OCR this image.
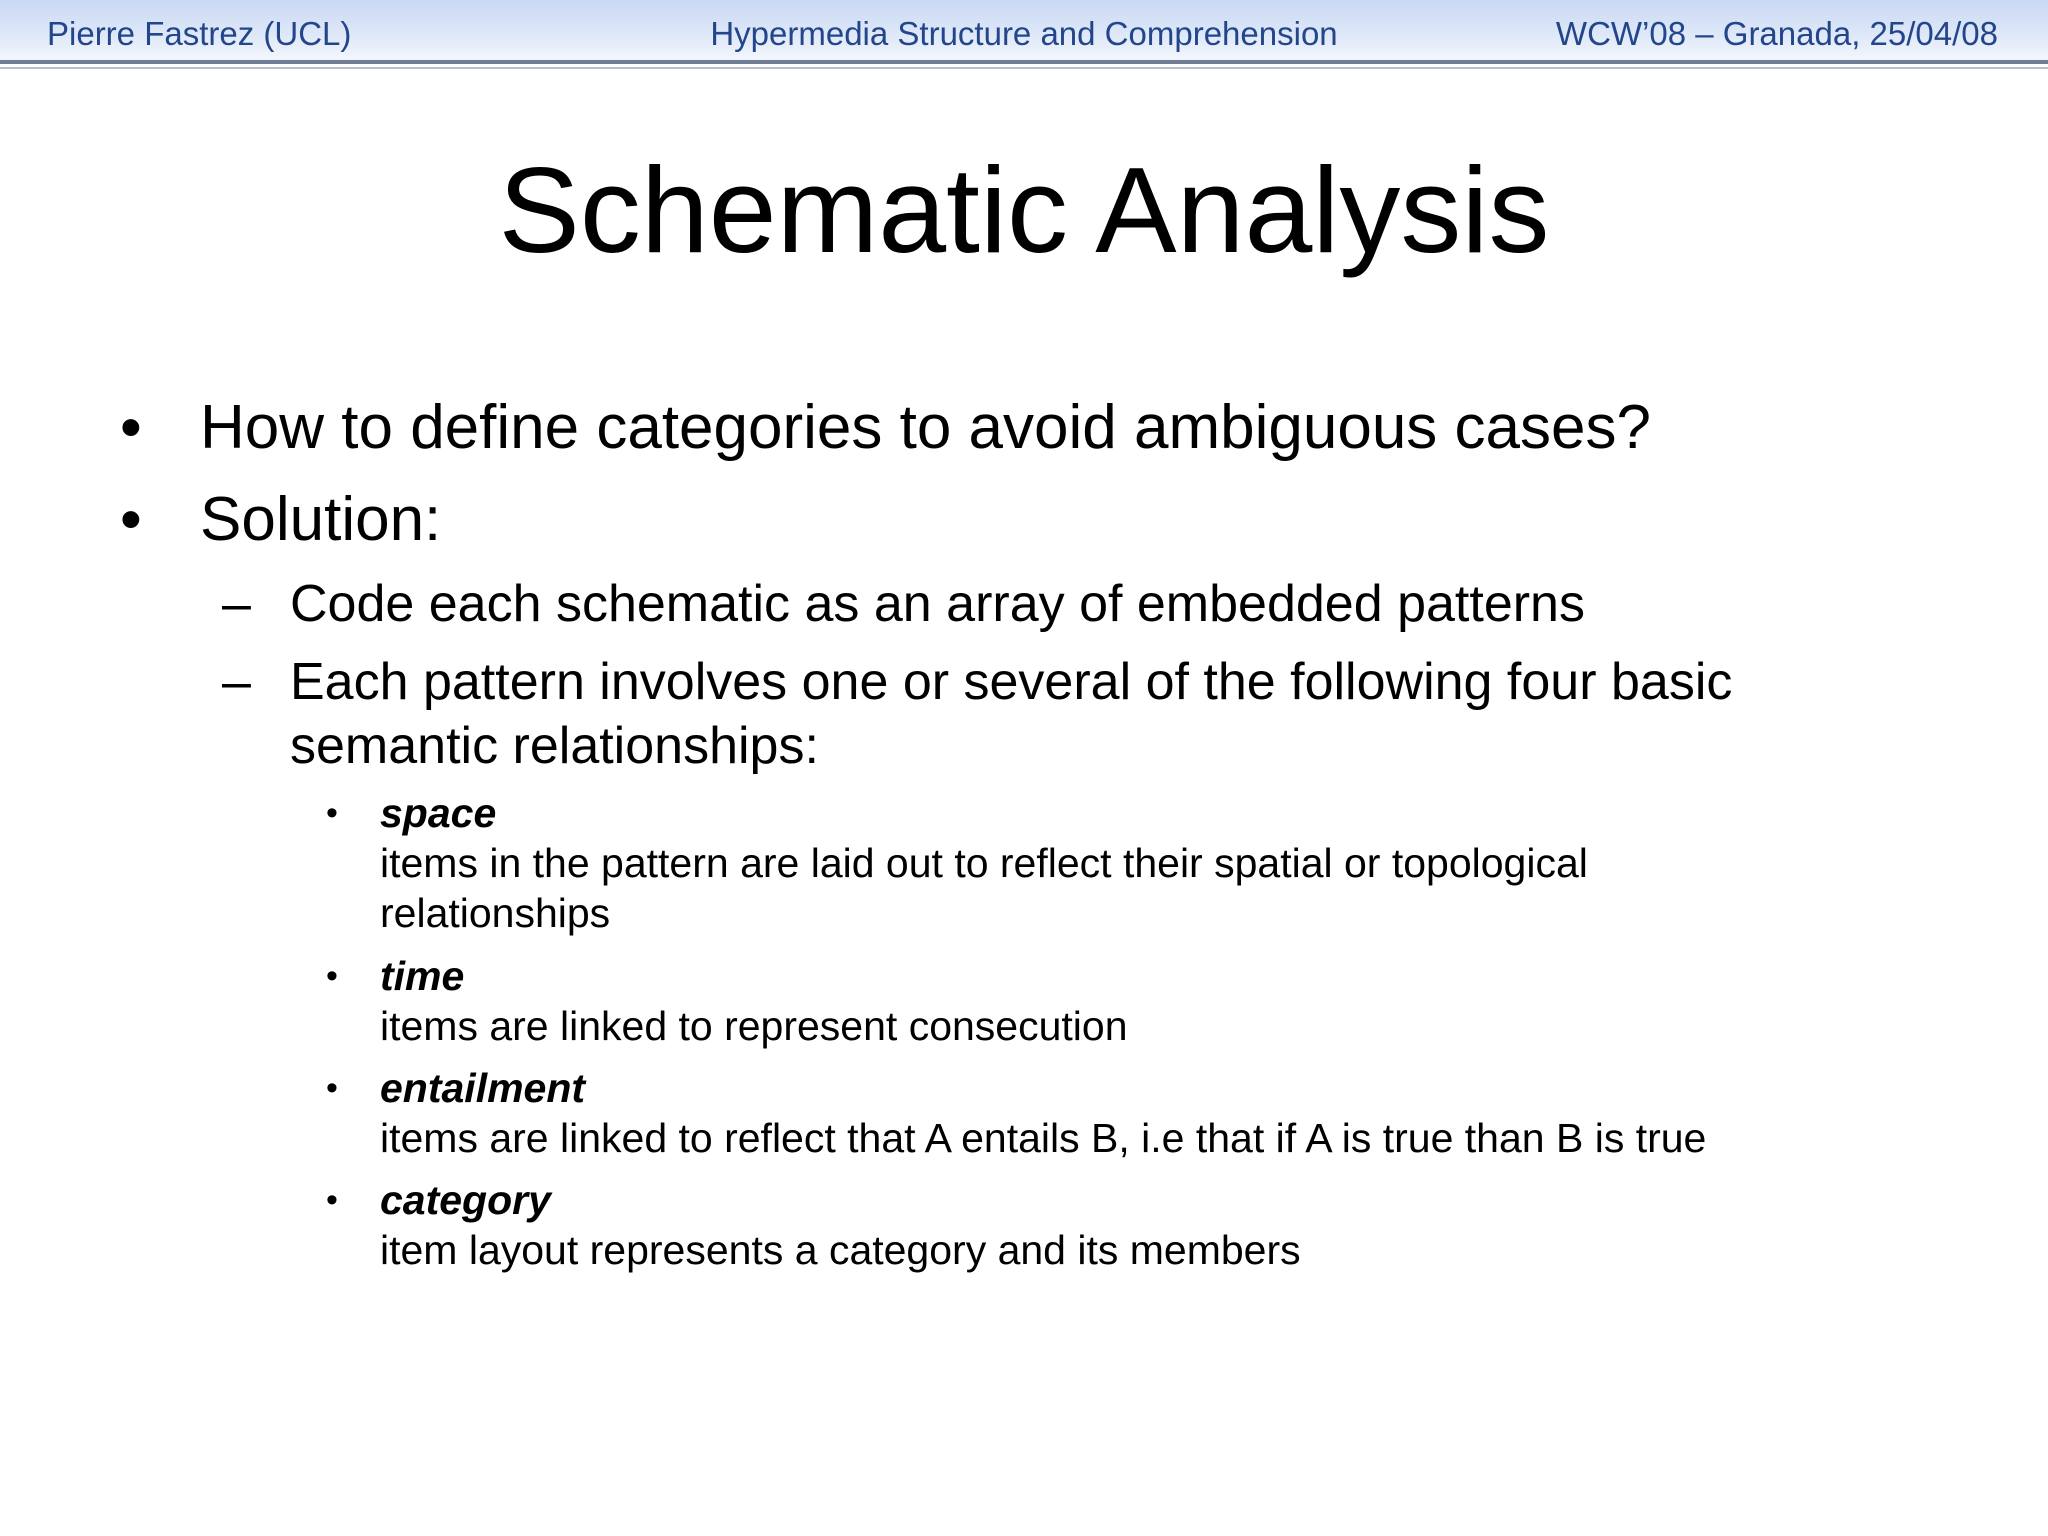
Pierre Fastrez (UCL)	Hypermedia Structure and Comprehension	WCW’08 – Granada, 25/04/08
Schematic Analysis
• How to define categories to avoid ambiguous cases?
• Solution:
– Code each schematic as an array of embedded patterns
– Each pattern involves one or several of the following four basic
semantic relationships:
• space
items in the pattern are laid out to reflect their spatial or topological
relationships
• time
items are linked to represent consecution
• entailment
items are linked to reflect that A entails B, i.e that if A is true than B is true
• category
item layout represents a category and its members
